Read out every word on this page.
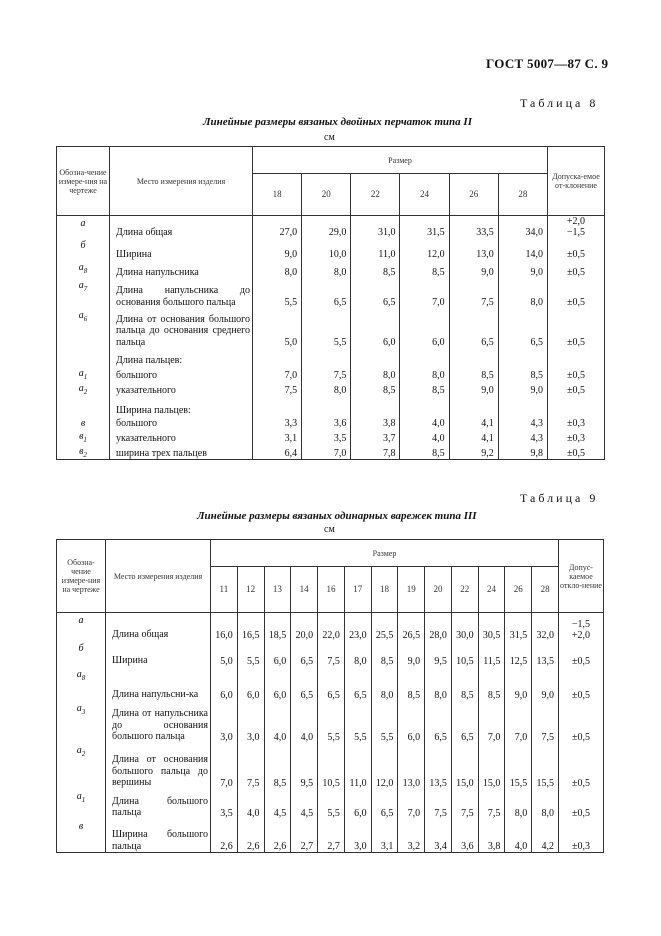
ГОСТ 5007—87 С. 9
Таблица 8
Линейные размеры вязаных двойных перчаток типа II
см
Обозна-чение измере-ния на чертеже	Место измерения изделия	Размер						Допуска-емое от-клонение
		18	20	22	24	26	28	
а	Длина общая	27,0	29,0	31,0	31,5	33,5	34,0	+2,0
−1,5

б	Ширина	9,0	10,0	11,0	12,0	13,0	14,0	±0,5

$а_8$	Длина напульсника	8,0	8,0	8,5	8,5	9,0	9,0	±0,5

$а_7$	Длина напульсника до основания большого пальца	5,5	6,5	6,5	7,0	7,5	8,0	±0,5

$а_6$	Длина от основания большого пальца до основания среднего пальца	5,0	5,5	6,0	6,0	6,5	6,5	±0,5

	Длина пальцев:							
$а_1$	большого	7,0	7,5	8,0	8,0	8,5	8,5	±0,5

$а_2$	указательного	7,5	8,0	8,5	8,5	9,0	9,0	±0,5

	Ширина пальцев:							
в	большого	3,3	3,6	3,8	4,0	4,1	4,3	±0,3

$в_1$	указательного	3,1	3,5	3,7	4,0	4,1	4,3	±0,3

$в_2$	ширина трех пальцев	6,4	7,0	7,8	8,5	9,2	9,8	±0,5
Таблица 9
Линейные размеры вязаных одинарных варежек типа III
см
Обозна-чение измере-ния на чертеже	Место измерения изделия	Размер													Допус-каемое откло-нение
		11	12	13	14	16	17	18	19	20	22	24	26	28	
а	Длина общая	16,0	16,5	18,5	20,0	22,0	23,0	25,5	26,5	28,0	30,0	30,5	31,5	32,0	−1,5
+2,0

б	Ширина	5,0	5,5	6,0	6,5	7,5	8,0	8,5	9,0	9,5	10,5	11,5	12,5	13,5	±0,5

$а_8$	Длина напульсни-ка	6,0	6,0	6,0	6,5	6,5	6,5	8,0	8,5	8,0	8,5	8,5	9,0	9,0	±0,5

$а_3$	Длина от напульсника до основания большого пальца	3,0	3,0	4,0	4,0	5,5	5,5	5,5	6,0	6,5	6,5	7,0	7,0	7,5	±0,5

$а_2$	Длина от основания большого пальца до вершины	7,0	7,5	8,5	9,5	10,5	11,0	12,0	13,0	13,5	15,0	15,0	15,5	15,5	±0,5

$а_1$	Длина большого пальца	3,5	4,0	4,5	4,5	5,5	6,0	6,5	7,0	7,5	7,5	7,5	8,0	8,0	±0,5

в	Ширина большого пальца	2,6	2,6	2,6	2,7	2,7	3,0	3,1	3,2	3,4	3,6	3,8	4,0	4,2	±0,3
